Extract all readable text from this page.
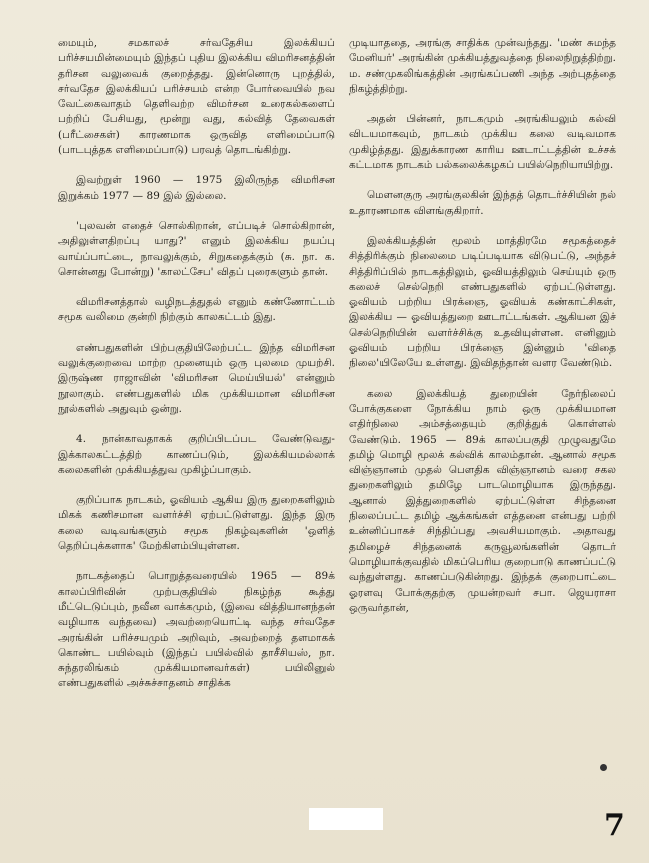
மையும், சமகாலச் சர்வதேசிய இலக்கியப் பரிச்சயமின்மையும் இந்தப் புதிய இலக்கிய விமரிசனத்தின் தரிசன வலுவைக் குறைத்தது. இன்னொரு புறத்தில், சர்வதேச இலக்கியப் பரிச்சயம் என்ற போர்வையில் நவ வேட்கைவாதம் தெளிவற்ற விமர்சன உரைகல்களைப் பற்றிப் பேசியது, மூன்று வது, கல்வித் தேவைகள் (பரீட்சைகள்) காரணமாக ஒருவித எளிமைப்பாடு (பாடபுத்தக எளிமைப்பாடு) பரவத் தொடங்கிற்று.

இவற்றுள் 1960 — 1975 இலிருந்த விமரிசன இறுக்கம் 1977 — 89 இல் இல்லை.

'புலவன் எதைச் சொல்கிறான், எப்படிச் சொல்கிறான், அதிலுள்ளதிறப்பு யாது?' எனும் இலக்கிய நயப்பு வாய்ப்பாட்டை, நாவலுக்கும், சிறுகதைக்கும் (சு. நா. க. சொன்னது போன்று) 'காலட்சேப' விதப் புரைகளும் தான்.

விமரிசனத்தால் வழிநடத்துதல் எனும் கண்ணோட்டம் சமூக வலிமை குன்றி நிற்கும் காலகட்டம் இது.

எண்பதுகளின் பிற்பகுதியிலேற்பட்ட இந்த விமரிசன வலுக்குறைவை மாற்ற முனையும் ஒரு புலமை முயற்சி. இருஷ்ண ராஜாவின் 'விமரிசன மெய்யியல்' என்னும் நூலாகும். எண்பதுகளில் மிக முக்கியமான விமரிசன நூல்களில் அதுவும் ஒன்று.

4. நான்காவதாகக் குறிப்பிடப்பட வேண்டுவது- இக்காலகட்டத்திற் காணப்படும், இலக்கியமல்லாக் கலைகளின் முக்கியத்துவ முகிழ்ப்பாகும்.

குறிப்பாக நாடகம், ஓவியம் ஆகிய இரு துறைகளிலும் மிகக் கணிசமான வளர்ச்சி ஏற்பட்டுள்ளது. இந்த இரு கலை வடிவங்களும் சமூக நிகழ்வுகளின் 'ஒளித் தெறிப்புக்களாக' மேற்கிளம்பியுள்ளன.

நாடகத்தைப் பொறுத்தவரையில் 1965 — 89க் காலப்பிரிவின் முற்பகுதியில் நிகழ்ந்த கூத்து மீட்டெடுப்பும், நவீன வாக்கமும், (இவை வித்தியானந்தன் வழியாக வந்தவை) அவற்றையொட்டி வந்த சர்வதேச அரங்கின் பரிச்சயமும் அறிவும், அவற்றைத் தளமாகக் கொண்ட பயில்வும் (இந்தப் பயில்வில் தாசீசியஸ், நா. சுந்தரலிங்கம் முக்கியமானவர்கள்) பயிலினுல் எண்பதுகளில் அச்சுச்சாதனம் சாதிக்க

முடியாததை, அரங்கு சாதிக்க முன்வந்தது. 'மண் சுமந்த மேனியர்' அரங்கின் முக்கியத்துவத்தை நிலைநிறுத்திற்று. ம. சண்முகலிங்கத்தின் அரங்கப்பணி அந்த அற்புதத்தை நிகழ்த்திற்று.

அதன் பின்னர், நாடகமும் அரங்கியலும் கல்வி விடயமாகவும், நாடகம் முக்கிய கலை வடிவமாக முகிழ்த்தது. இதுக்காரண காரிய ஊடாட்டத்தின் உச்சக் கட்டமாக நாடகம் பல்கலைக்கழகப் பயில்நெறியாயிற்று.

மௌனகுரு அரங்குலகின் இந்தத் தொடர்ச்சியின் நல் உதாரணமாக விளங்குகிறார்.

இலக்கியத்தின் மூலம் மாத்திரமே சமூகத்தைச் சித்திரிக்கும் நிலைமை படிப்படியாக விடுபட்டு, அந்தச் சித்திரிப்பில் நாடகத்திலும், ஓவியத்திலும் செய்யும் ஒரு கலைச் செல்நெறி எண்பதுகளில் ஏற்பட்டுள்ளது. ஓவியம் பற்றிய பிரக்ஞை, ஓவியக் கண்காட்சிகள், இலக்கிய — ஓவியத்துறை ஊடாட்டங்கள். ஆகியன இச் செல்நெறியின் வளர்ச்சிக்கு உதவியுள்ளன. எனினும் ஓவியம் பற்றிய பிரக்ஞை இன்னும் 'விதை நிலை'யிலேயே உள்ளது. இவிதந்தான் வளர வேண்டும்.

கலை இலக்கியத் துறையின் நேர்நிலைப் போக்குகளை நோக்கிய நாம் ஒரு முக்கியமான எதிர்நிலை அம்சத்தையும் குறித்துக் கொள்ளல் வேண்டும். 1965 — 89க் காலப்பகுதி முழுவதுமே தமிழ் மொழி மூலக் கல்விக் காலம்தான். ஆனால் சமூக விஞ்ஞானம் முதல் பௌதிக விஞ்ஞானம் வரை சகல துறைகளிலும் தமிழே பாடமொழியாக இருந்தது. ஆனால் இத்துறைகளில் ஏற்பட்டுள்ள சிந்தனை நிலைப்பட்ட தமிழ் ஆக்கங்கள் எத்தனை என்பது பற்றி உன்னிப்பாகச் சிந்திப்பது அவசியமாகும். அதாவது தமிழைச் சிந்தனைக் கருவூலங்களின் தொடர் மொழியாக்குவதில் மிகப்பெரிய குறைபாடு காணப்பட்டு வந்துள்ளது. காணப்படுகின்றது. இந்தக் குறைபாட்டை ஓரளவு போக்குதற்கு முயன்றவர் சபா. ஜெயராசா ஒருவர்தான்,

7
